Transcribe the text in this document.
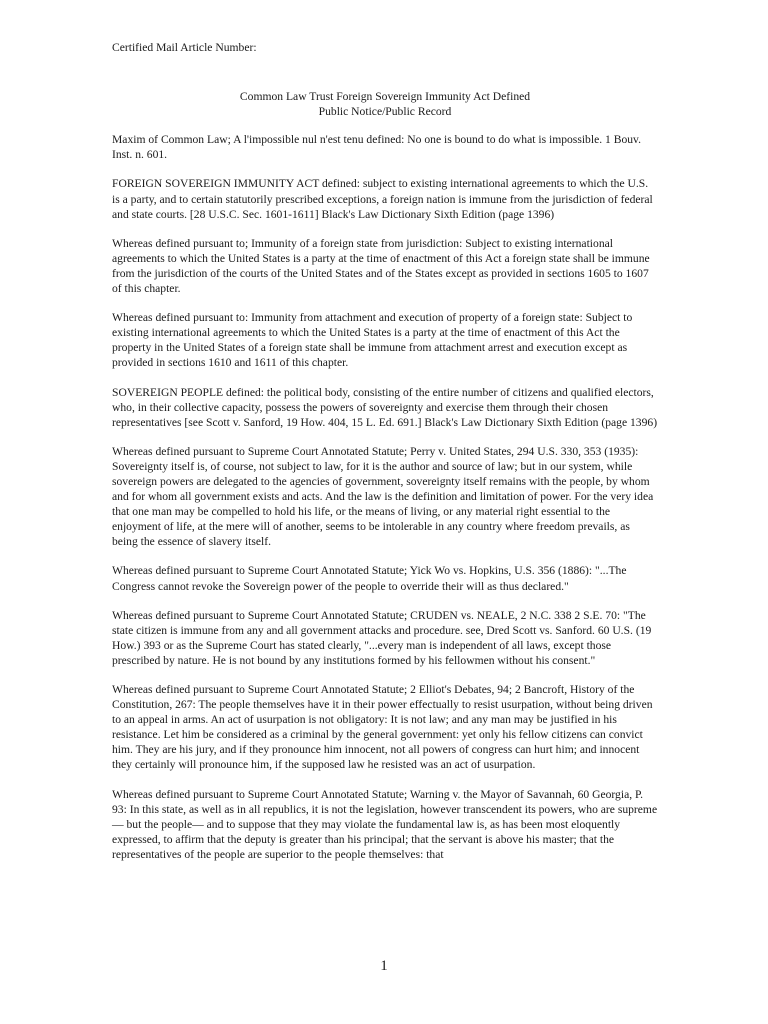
Certified Mail Article Number:
Common Law Trust Foreign Sovereign Immunity Act Defined
Public Notice/Public Record

Maxim of Common Law; A l'impossible nul n'est tenu defined: No one is bound to do what is impossible. 1 Bouv. Inst. n. 601.

FOREIGN SOVEREIGN IMMUNITY ACT defined: subject to existing international agreements to which the U.S. is a party, and to certain statutorily prescribed exceptions, a foreign nation is immune from the jurisdiction of federal and state courts. [28 U.S.C. Sec. 1601-1611] Black's Law Dictionary Sixth Edition (page 1396)

Whereas defined pursuant to; Immunity of a foreign state from jurisdiction: Subject to existing international agreements to which the United States is a party at the time of enactment of this Act a foreign state shall be immune from the jurisdiction of the courts of the United States and of the States except as provided in sections 1605 to 1607 of this chapter.

Whereas defined pursuant to: Immunity from attachment and execution of property of a foreign state: Subject to existing international agreements to which the United States is a party at the time of enactment of this Act the property in the United States of a foreign state shall be immune from attachment arrest and execution except as provided in sections 1610 and 1611 of this chapter.

SOVEREIGN PEOPLE defined: the political body, consisting of the entire number of citizens and qualified electors, who, in their collective capacity, possess the powers of sovereignty and exercise them through their chosen representatives [see Scott v. Sanford, 19 How. 404, 15 L. Ed. 691.] Black's Law Dictionary Sixth Edition (page 1396)

Whereas defined pursuant to Supreme Court Annotated Statute; Perry v. United States, 294 U.S. 330, 353 (1935): Sovereignty itself is, of course, not subject to law, for it is the author and source of law; but in our system, while sovereign powers are delegated to the agencies of government, sovereignty itself remains with the people, by whom and for whom all government exists and acts. And the law is the definition and limitation of power. For the very idea that one man may be compelled to hold his life, or the means of living, or any material right essential to the enjoyment of life, at the mere will of another, seems to be intolerable in any country where freedom prevails, as being the essence of slavery itself.

Whereas defined pursuant to Supreme Court Annotated Statute; Yick Wo vs. Hopkins, U.S. 356 (1886): "...The Congress cannot revoke the Sovereign power of the people to override their will as thus declared."

Whereas defined pursuant to Supreme Court Annotated Statute; CRUDEN vs. NEALE, 2 N.C. 338 2 S.E. 70: "The state citizen is immune from any and all government attacks and procedure. see, Dred Scott vs. Sanford. 60 U.S. (19 How.) 393 or as the Supreme Court has stated clearly, "...every man is independent of all laws, except those prescribed by nature. He is not bound by any institutions formed by his fellowmen without his consent."

Whereas defined pursuant to Supreme Court Annotated Statute; 2 Elliot's Debates, 94; 2 Bancroft, History of the Constitution, 267: The people themselves have it in their power effectually to resist usurpation, without being driven to an appeal in arms. An act of usurpation is not obligatory: It is not law; and any man may be justified in his resistance. Let him be considered as a criminal by the general government: yet only his fellow citizens can convict him. They are his jury, and if they pronounce him innocent, not all powers of congress can hurt him; and innocent they certainly will pronounce him, if the supposed law he resisted was an act of usurpation.

Whereas defined pursuant to Supreme Court Annotated Statute; Warning v. the Mayor of Savannah, 60 Georgia, P. 93: In this state, as well as in all republics, it is not the legislation, however transcendent its powers, who are supreme— but the people— and to suppose that they may violate the fundamental law is, as has been most eloquently expressed, to affirm that the deputy is greater than his principal; that the servant is above his master; that the representatives of the people are superior to the people themselves: that

1
